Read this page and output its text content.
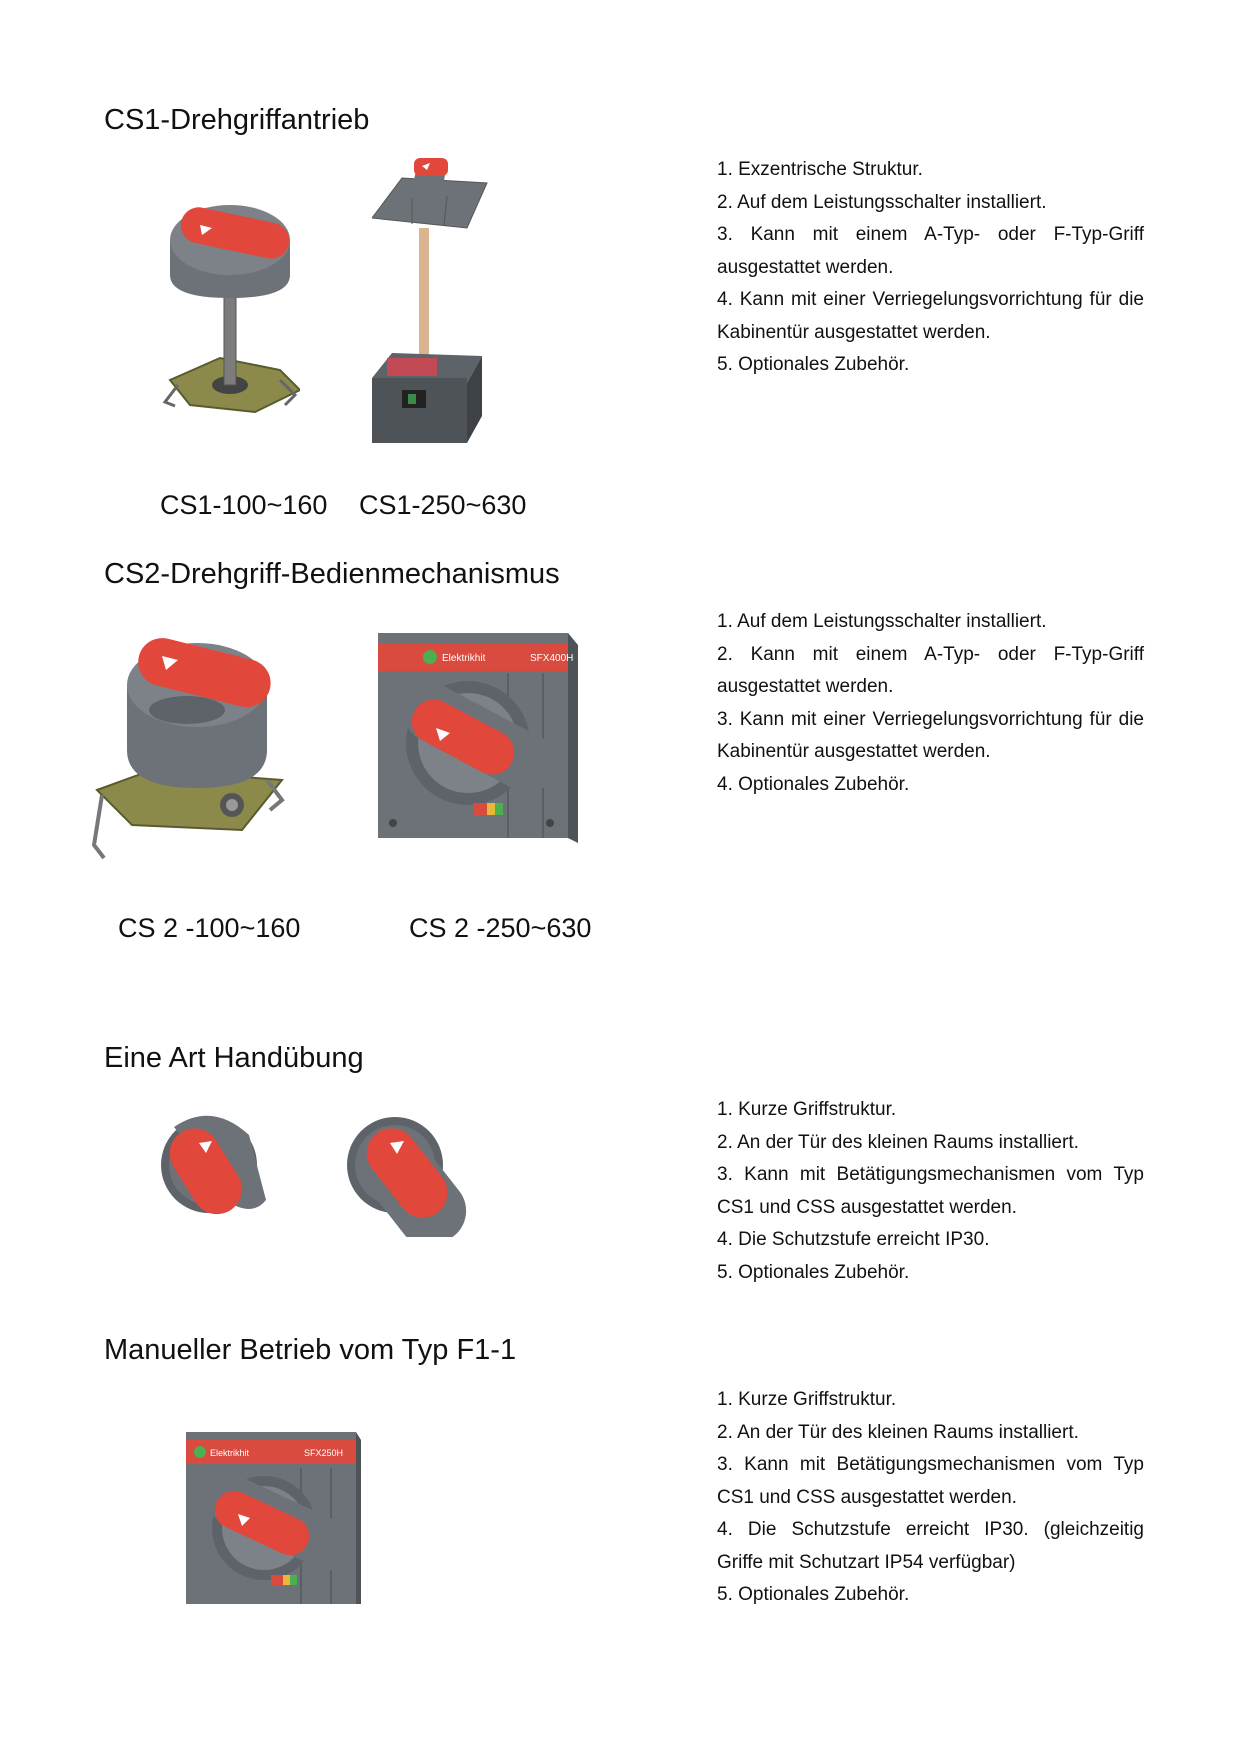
CS1-Drehgriffantrieb
CS1-100~160 CS1-250~630
1. Exzentrische Struktur.
2. Auf dem Leistungsschalter installiert.
3. Kann mit einem A-Typ- oder F-Typ-Griff ausgestattet werden.
4. Kann mit einer Verriegelungsvorrichtung für die Kabinentür ausgestattet werden.
5. Optionales Zubehör.
CS2-Drehgriff-Bedienmechanismus
Elektrikhit	SFX400H
CS 2 -100~160	CS 2 -250~630
1. Auf dem Leistungsschalter installiert.
2. Kann mit einem A-Typ- oder F-Typ-Griff ausgestattet werden.
3. Kann mit einer Verriegelungsvorrichtung für die Kabinentür ausgestattet werden.
4. Optionales Zubehör.
Eine Art Handübung
1. Kurze Griffstruktur.
2. An der Tür des kleinen Raums installiert.
3. Kann mit Betätigungsmechanismen vom Typ CS1 und CSS ausgestattet werden.
4. Die Schutzstufe erreicht IP30.
5. Optionales Zubehör.
Manueller Betrieb vom Typ F1-1
Elektrikhit	SFX250H
1. Kurze Griffstruktur.
2. An der Tür des kleinen Raums installiert.
3. Kann mit Betätigungsmechanismen vom Typ CS1 und CSS ausgestattet werden.
4. Die Schutzstufe erreicht IP30. (gleichzeitig Griffe mit Schutzart IP54 verfügbar)
5. Optionales Zubehör.
